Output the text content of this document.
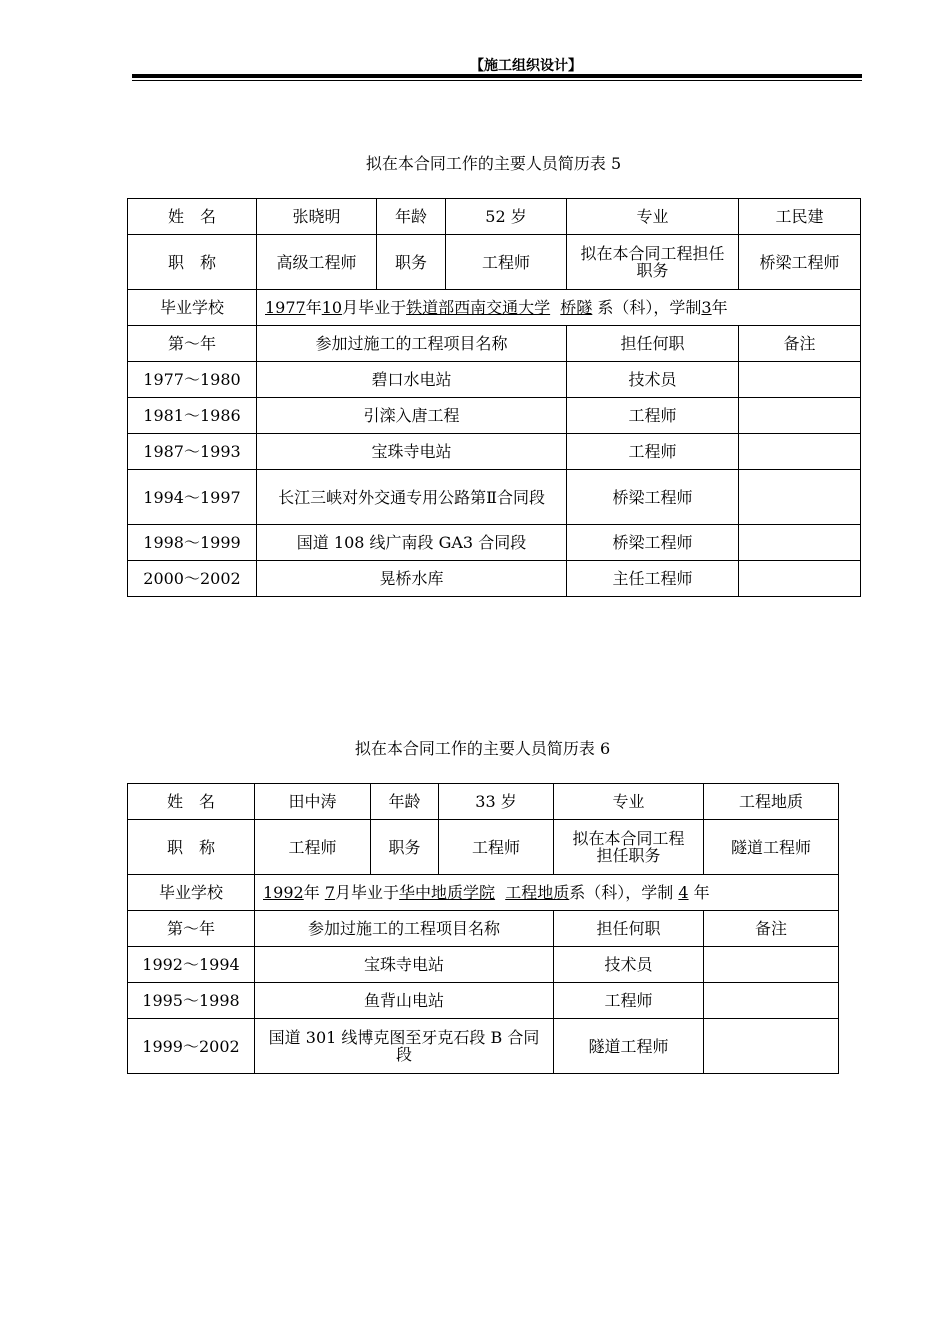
【施工组织设计】
拟在本合同工作的主要人员简历表 5
姓　名	张晓明	年龄	52 岁	专业	工民建
职　称	高级工程师	职务	工程师	拟在本合同工程担任职务	桥梁工程师
毕业学校	1977年10月毕业于铁道部西南交通大学 桥隧 系（科），学制3年				
第～年	参加过施工的工程项目名称			担任何职	备注
1977～1980	碧口水电站			技术员	
1981～1986	引滦入唐工程			工程师	
1987～1993	宝珠寺电站			工程师	
1994～1997	长江三峡对外交通专用公路第Ⅱ合同段			桥梁工程师	
1998～1999	国道 108 线广南段 GA3 合同段			桥梁工程师	
2000～2002	晃桥水库			主任工程师	
拟在本合同工作的主要人员简历表 6
姓　名	田中涛	年龄	33 岁	专业	工程地质
职　称	工程师	职务	工程师	拟在本合同工程担任职务	隧道工程师
毕业学校	1992年 7月毕业于华中地质学院 工程地质系（科），学制 4 年				
第～年	参加过施工的工程项目名称			担任何职	备注
1992～1994	宝珠寺电站			技术员	
1995～1998	鱼背山电站			工程师	
1999～2002	国道 301 线博克图至牙克石段 B 合同段			隧道工程师	
